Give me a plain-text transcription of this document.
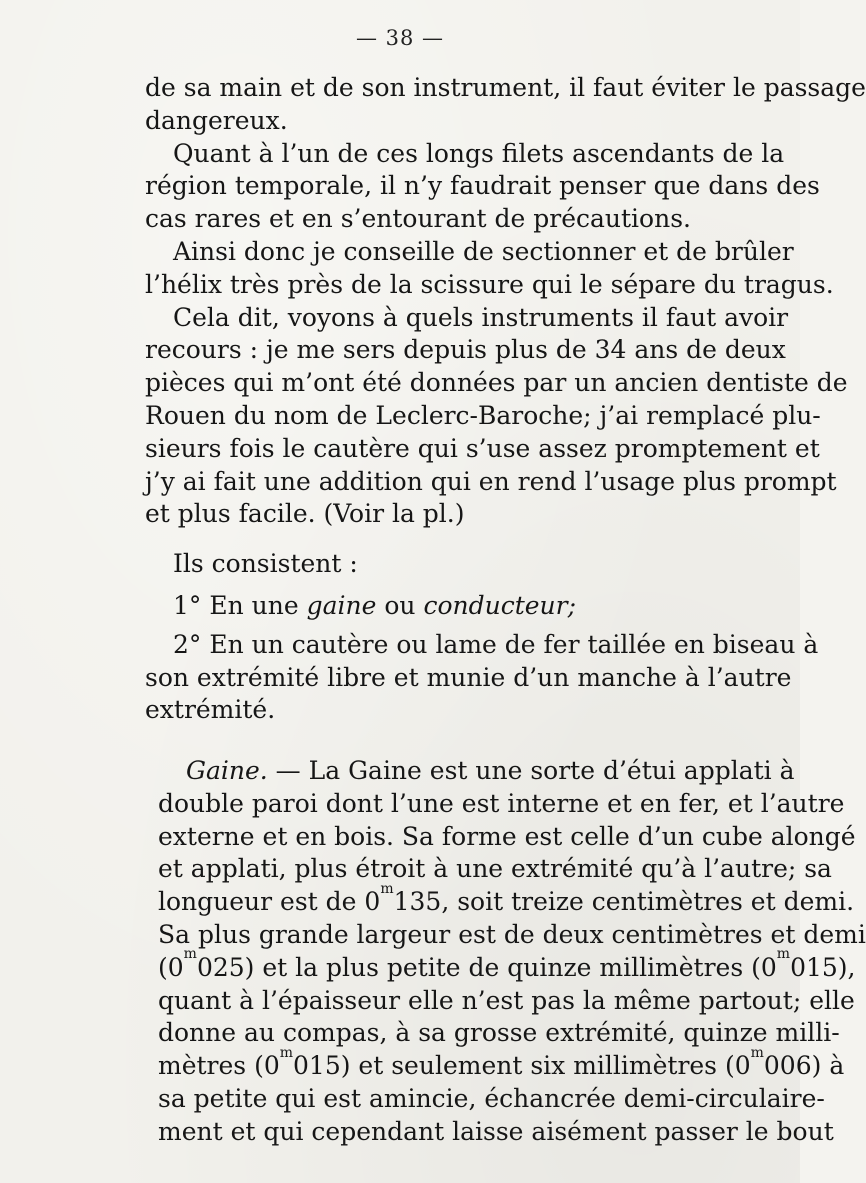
— 38 —
de sa main et de son instrument, il faut éviter le passage
dangereux.
Quant à l’un de ces longs filets ascendants de la
région temporale, il n’y faudrait penser que dans des
cas rares et en s’entourant de précautions.
Ainsi donc je conseille de sectionner et de brûler
l’hélix très près de la scissure qui le sépare du tragus.
Cela dit, voyons à quels instruments il faut avoir
recours : je me sers depuis plus de 34 ans de deux
pièces qui m’ont été données par un ancien dentiste de
Rouen du nom de Leclerc-Baroche; j’ai remplacé plu-
sieurs fois le cautère qui s’use assez promptement et
j’y ai fait une addition qui en rend l’usage plus prompt
et plus facile. (Voir la pl.)
Ils consistent :
1° En une gaine ou conducteur;
2° En un cautère ou lame de fer taillée en biseau à
son extrémité libre et munie d’un manche à l’autre
extrémité.
Gaine. — La Gaine est une sorte d’étui applati à
double paroi dont l’une est interne et en fer, et l’autre
externe et en bois. Sa forme est celle d’un cube alongé
et applati, plus étroit à une extrémité qu’à l’autre; sa
longueur est de 0$^m$135, soit treize centimètres et demi.
Sa plus grande largeur est de deux centimètres et demi
(0$^m$025) et la plus petite de quinze millimètres (0$^m$015),
quant à l’épaisseur elle n’est pas la même partout; elle
donne au compas, à sa grosse extrémité, quinze milli-
mètres (0$^m$015) et seulement six millimètres (0$^m$006) à
sa petite qui est amincie, échancrée demi-circulaire-
ment et qui cependant laisse aisément passer le bout
